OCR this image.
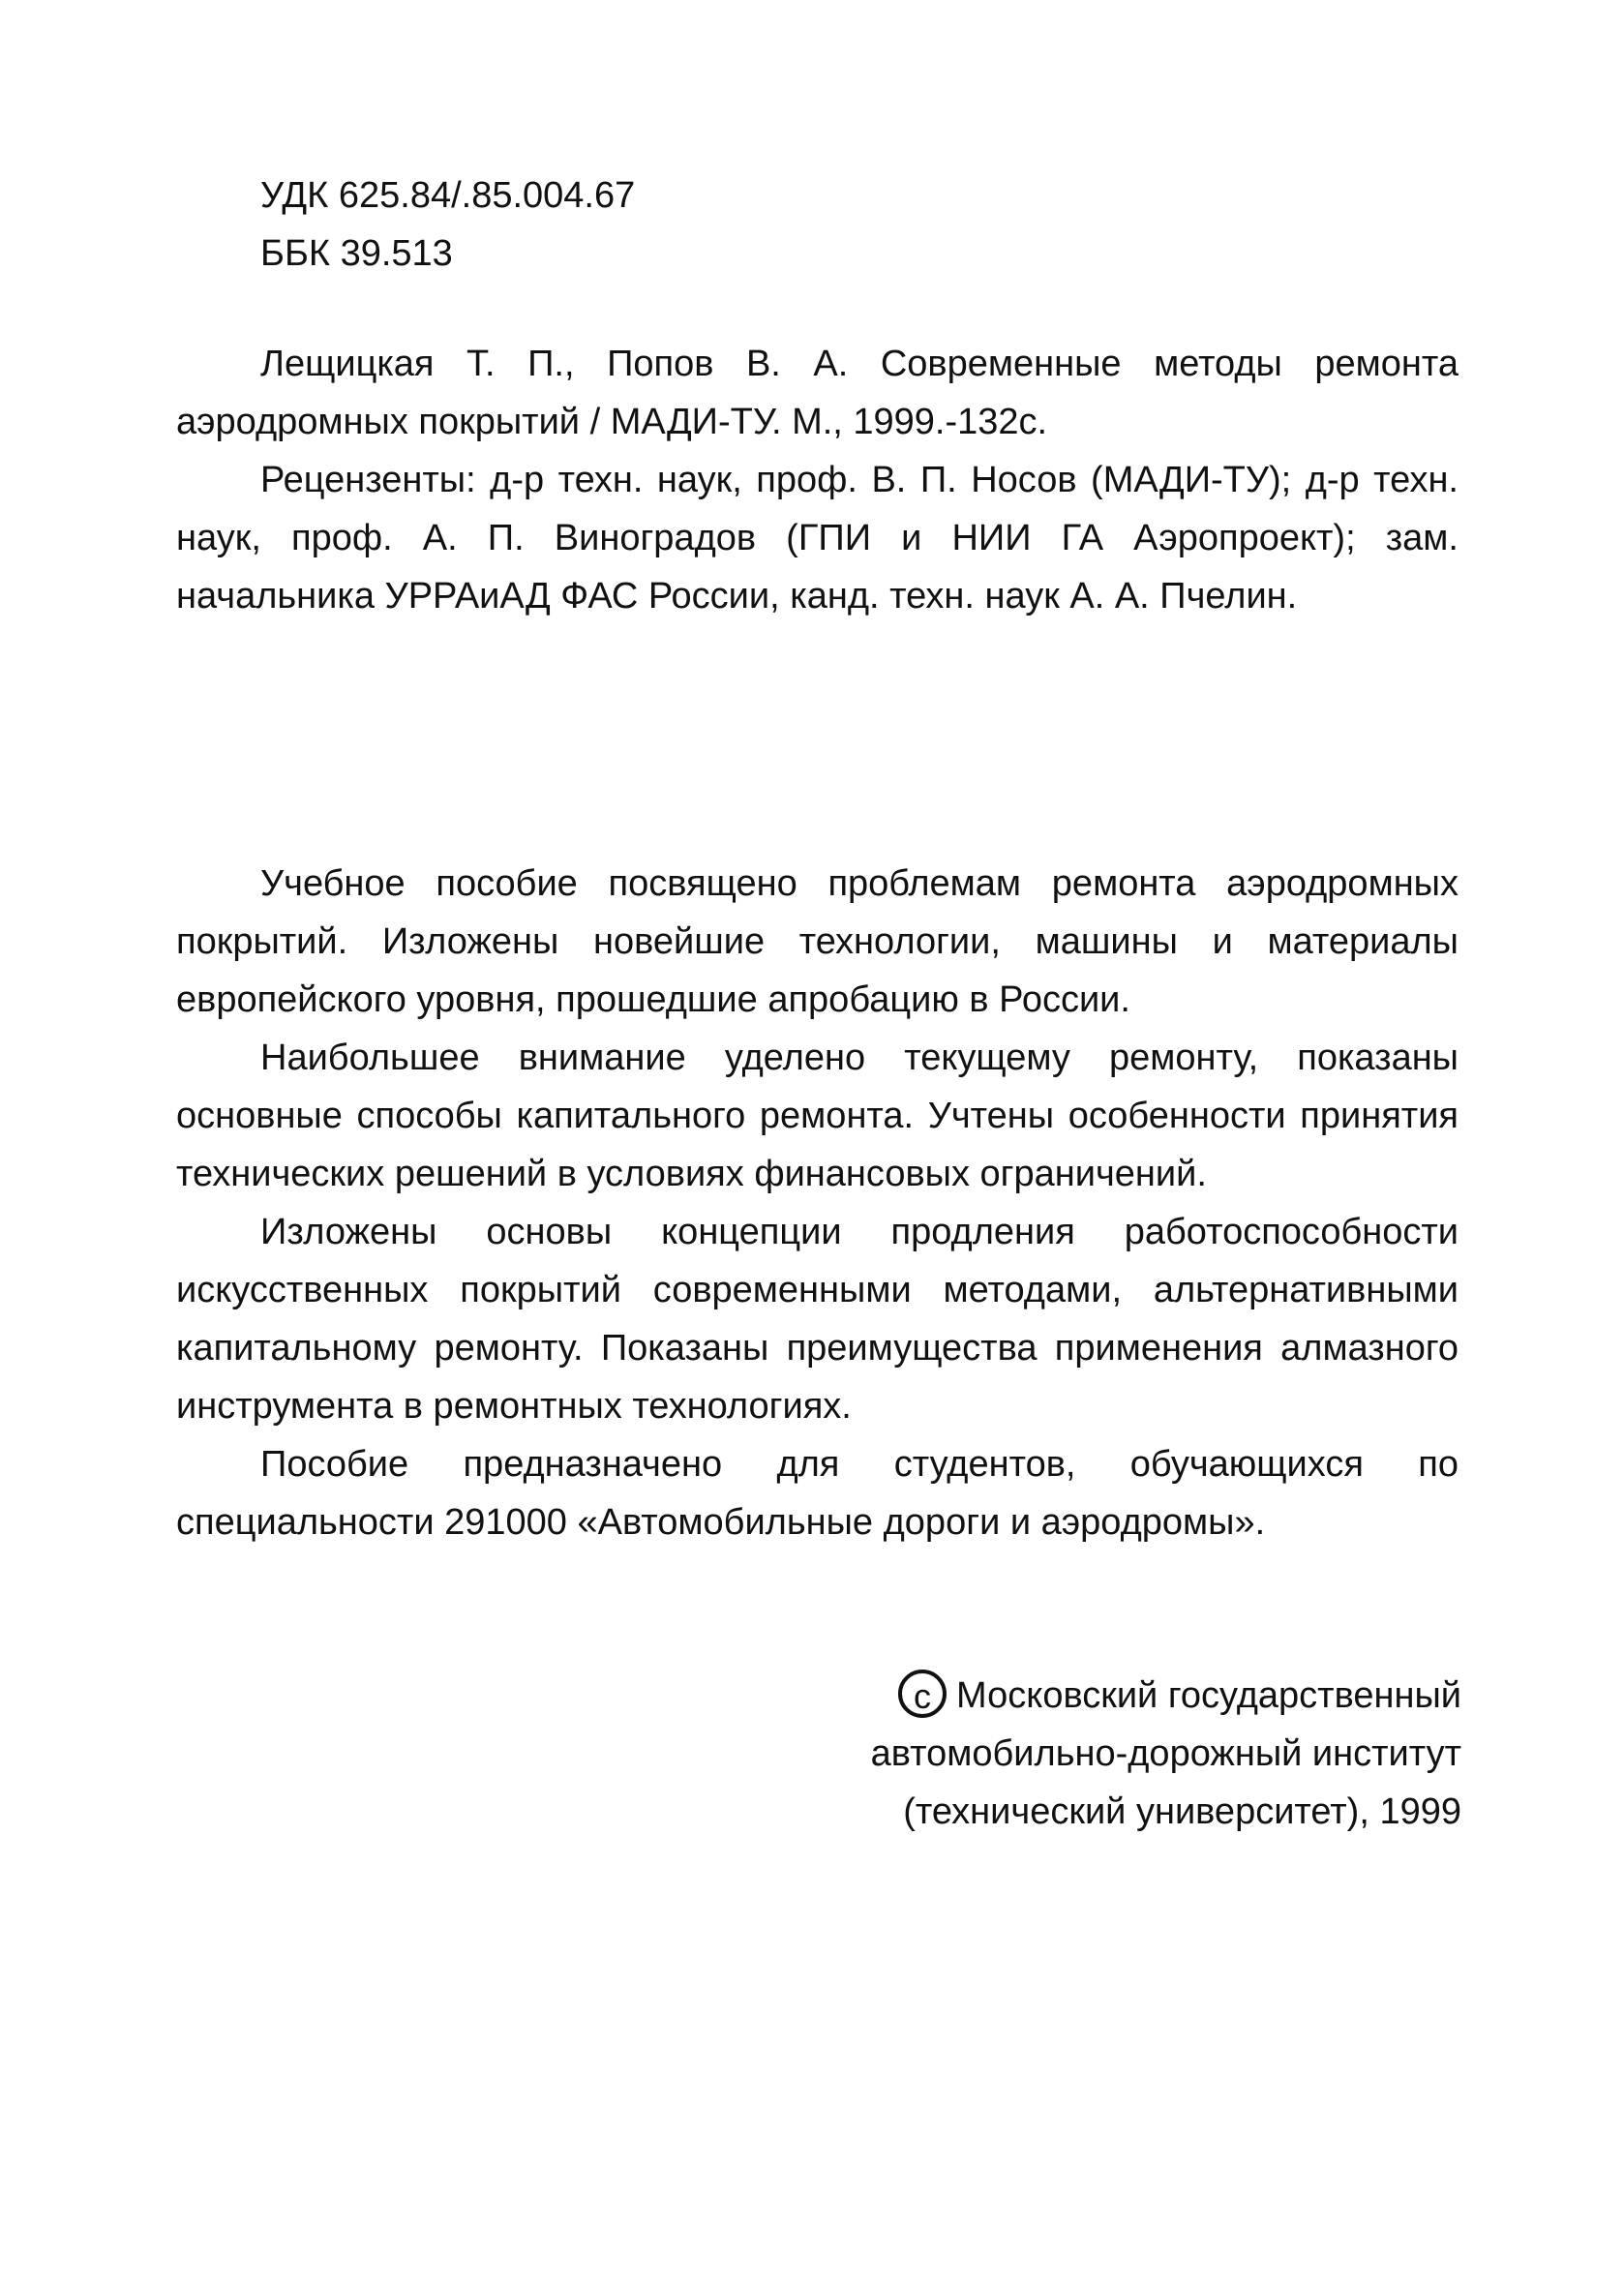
УДК 625.84/.85.004.67
ББК 39.513

Лещицкая Т. П., Попов В. А. Современные методы ремонта аэродромных покрытий / МАДИ-ТУ. М., 1999.-132с.

Рецензенты: д-р техн. наук, проф. В. П. Носов (МАДИ-ТУ); д-р техн. наук, проф. А. П. Виноградов (ГПИ и НИИ ГА Аэропроект); зам. начальника УРРАиАД ФАС России, канд. техн. наук А. А. Пчелин.

Учебное пособие посвящено проблемам ремонта аэродромных покрытий. Изложены новейшие технологии, машины и материалы европейского уровня, прошедшие апробацию в России.

Наибольшее внимание уделено текущему ремонту, показаны основные способы капитального ремонта. Учтены особенности принятия технических решений в условиях финансовых ограничений.

Изложены основы концепции продления работоспособности искусственных покрытий современными методами, альтернативными капитальному ремонту. Показаны преимущества применения алмазного инструмента в ремонтных технологиях.

Пособие предназначено для студентов, обучающихся по специальности 291000 «Автомобильные дороги и аэродромы».

c Московский государственный
автомобильно-дорожный институт
(технический университет), 1999
